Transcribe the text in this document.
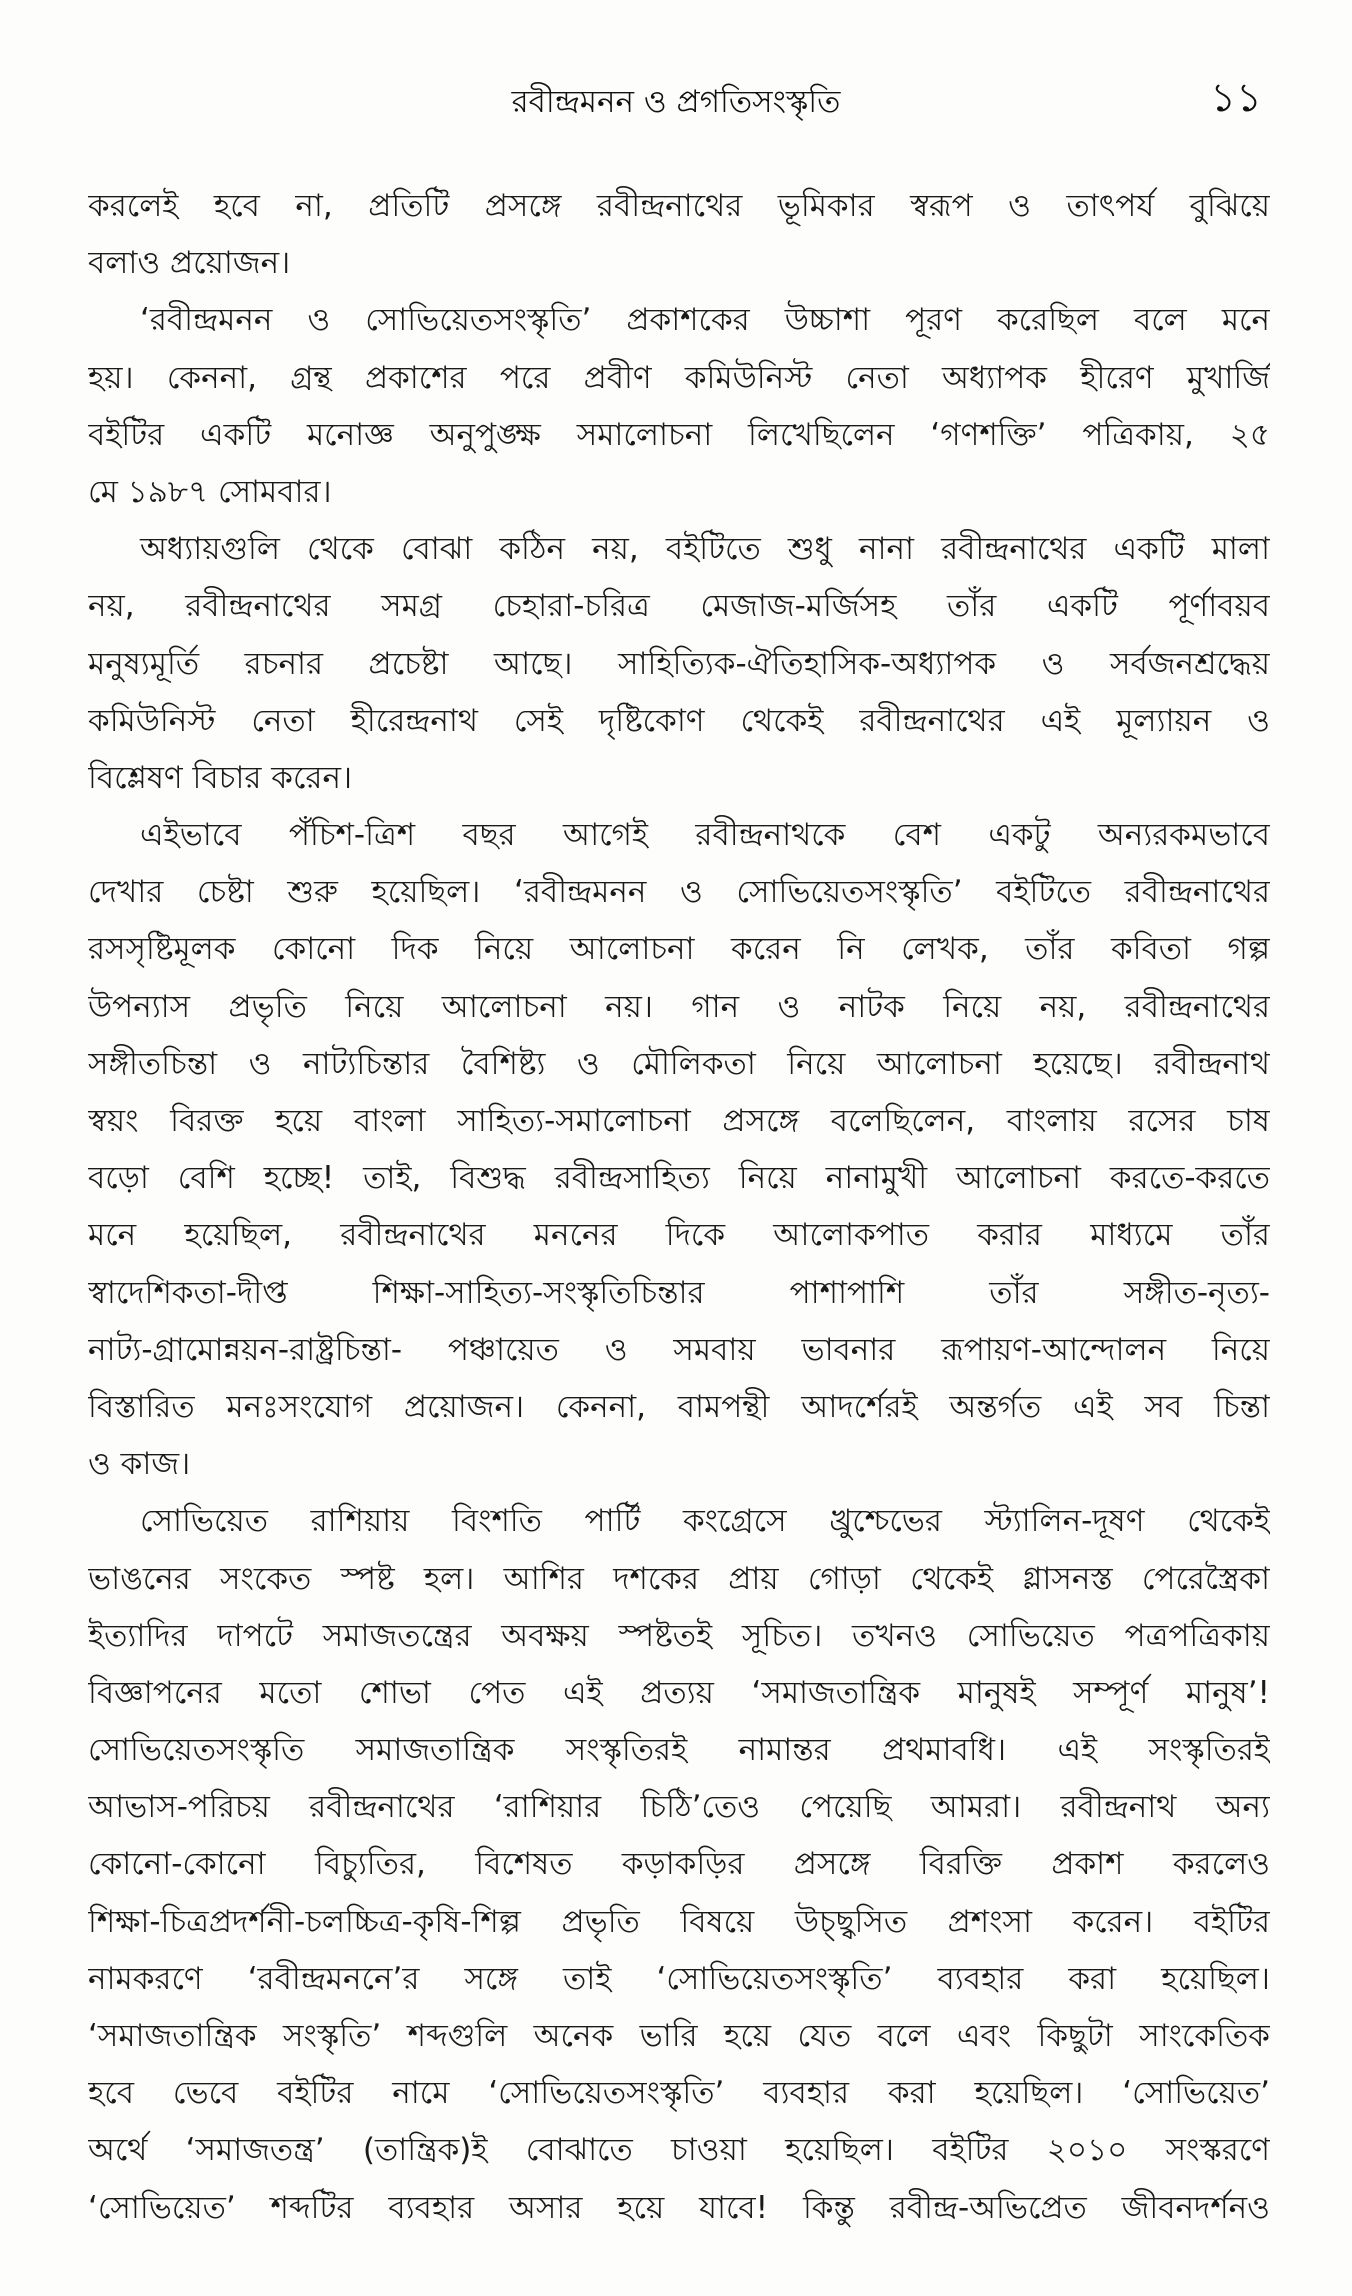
রবীন্দ্রমনন ও প্রগতিসংস্কৃতি	১১
করলেই হবে না, প্রতিটি প্রসঙ্গে রবীন্দ্রনাথের ভূমিকার স্বরূপ ও তাৎপর্য বুঝিয়ে
বলাও প্রয়োজন।
‘রবীন্দ্রমনন ও সোভিয়েতসংস্কৃতি’ প্রকাশকের উচ্চাশা পূরণ করেছিল বলে মনে
হয়। কেননা, গ্রন্থ প্রকাশের পরে প্রবীণ কমিউনিস্ট নেতা অধ্যাপক হীরেণ মুখার্জি
বইটির একটি মনোজ্ঞ অনুপুঙ্ক্ষ সমালোচনা লিখেছিলেন ‘গণশক্তি’ পত্রিকায়, ২৫
মে ১৯৮৭ সোমবার।
অধ্যায়গুলি থেকে বোঝা কঠিন নয়, বইটিতে শুধু নানা রবীন্দ্রনাথের একটি মালা
নয়, রবীন্দ্রনাথের সমগ্র চেহারা-চরিত্র মেজাজ-মর্জিসহ তাঁর একটি পূর্ণাবয়ব
মনুষ্যমূর্তি রচনার প্রচেষ্টা আছে। সাহিত্যিক-ঐতিহাসিক-অধ্যাপক ও সর্বজনশ্রদ্ধেয়
কমিউনিস্ট নেতা হীরেন্দ্রনাথ সেই দৃষ্টিকোণ থেকেই রবীন্দ্রনাথের এই মূল্যায়ন ও
বিশ্লেষণ বিচার করেন।
এইভাবে পঁচিশ-ত্রিশ বছর আগেই রবীন্দ্রনাথকে বেশ একটু অন্যরকমভাবে
দেখার চেষ্টা শুরু হয়েছিল। ‘রবীন্দ্রমনন ও সোভিয়েতসংস্কৃতি’ বইটিতে রবীন্দ্রনাথের
রসসৃষ্টিমূলক কোনো দিক নিয়ে আলোচনা করেন নি লেখক, তাঁর কবিতা গল্প
উপন্যাস প্রভৃতি নিয়ে আলোচনা নয়। গান ও নাটক নিয়ে নয়, রবীন্দ্রনাথের
সঙ্গীতচিন্তা ও নাট্যচিন্তার বৈশিষ্ট্য ও মৌলিকতা নিয়ে আলোচনা হয়েছে। রবীন্দ্রনাথ
স্বয়ং বিরক্ত হয়ে বাংলা সাহিত্য-সমালোচনা প্রসঙ্গে বলেছিলেন, বাংলায় রসের চাষ
বড়ো বেশি হচ্ছে! তাই, বিশুদ্ধ রবীন্দ্রসাহিত্য নিয়ে নানামুখী আলোচনা করতে-করতে
মনে হয়েছিল, রবীন্দ্রনাথের মননের দিকে আলোকপাত করার মাধ্যমে তাঁর
স্বাদেশিকতা-দীপ্ত শিক্ষা-সাহিত্য-সংস্কৃতিচিন্তার পাশাপাশি তাঁর সঙ্গীত-নৃত্য-
নাট্য-গ্রামোন্নয়ন-রাষ্ট্রচিন্তা- পঞ্চায়েত ও সমবায় ভাবনার রূপায়ণ-আন্দোলন নিয়ে
বিস্তারিত মনঃসংযোগ প্রয়োজন। কেননা, বামপন্থী আদর্শেরই অন্তর্গত এই সব চিন্তা
ও কাজ।
সোভিয়েত রাশিয়ায় বিংশতি পার্টি কংগ্রেসে খ্রুশ্চেভের স্ট্যালিন-দূষণ থেকেই
ভাঙনের সংকেত স্পষ্ট হল। আশির দশকের প্রায় গোড়া থেকেই গ্লাসনস্ত পেরেস্ত্রৈকা
ইত্যাদির দাপটে সমাজতন্ত্রের অবক্ষয় স্পষ্টতই সূচিত। তখনও সোভিয়েত পত্রপত্রিকায়
বিজ্ঞাপনের মতো শোভা পেত এই প্রত্যয় ‘সমাজতান্ত্রিক মানুষই সম্পূর্ণ মানুষ’!
সোভিয়েতসংস্কৃতি সমাজতান্ত্রিক সংস্কৃতিরই নামান্তর প্রথমাবধি। এই সংস্কৃতিরই
আভাস-পরিচয় রবীন্দ্রনাথের ‘রাশিয়ার চিঠি’তেও পেয়েছি আমরা। রবীন্দ্রনাথ অন্য
কোনো-কোনো বিচ্যুতির, বিশেষত কড়াকড়ির প্রসঙ্গে বিরক্তি প্রকাশ করলেও
শিক্ষা-চিত্রপ্রদর্শনী-চলচ্চিত্র-কৃষি-শিল্প প্রভৃতি বিষয়ে উচ্ছ্বসিত প্রশংসা করেন। বইটির
নামকরণে ‘রবীন্দ্রমননে’র সঙ্গে তাই ‘সোভিয়েতসংস্কৃতি’ ব্যবহার করা হয়েছিল।
‘সমাজতান্ত্রিক সংস্কৃতি’ শব্দগুলি অনেক ভারি হয়ে যেত বলে এবং কিছুটা সাংকেতিক
হবে ভেবে বইটির নামে ‘সোভিয়েতসংস্কৃতি’ ব্যবহার করা হয়েছিল। ‘সোভিয়েত’
অর্থে ‘সমাজতন্ত্র’ (তান্ত্রিক)ই বোঝাতে চাওয়া হয়েছিল। বইটির ২০১০ সংস্করণে
‘সোভিয়েত’ শব্দটির ব্যবহার অসার হয়ে যাবে! কিন্তু রবীন্দ্র-অভিপ্রেত জীবনদর্শনও
